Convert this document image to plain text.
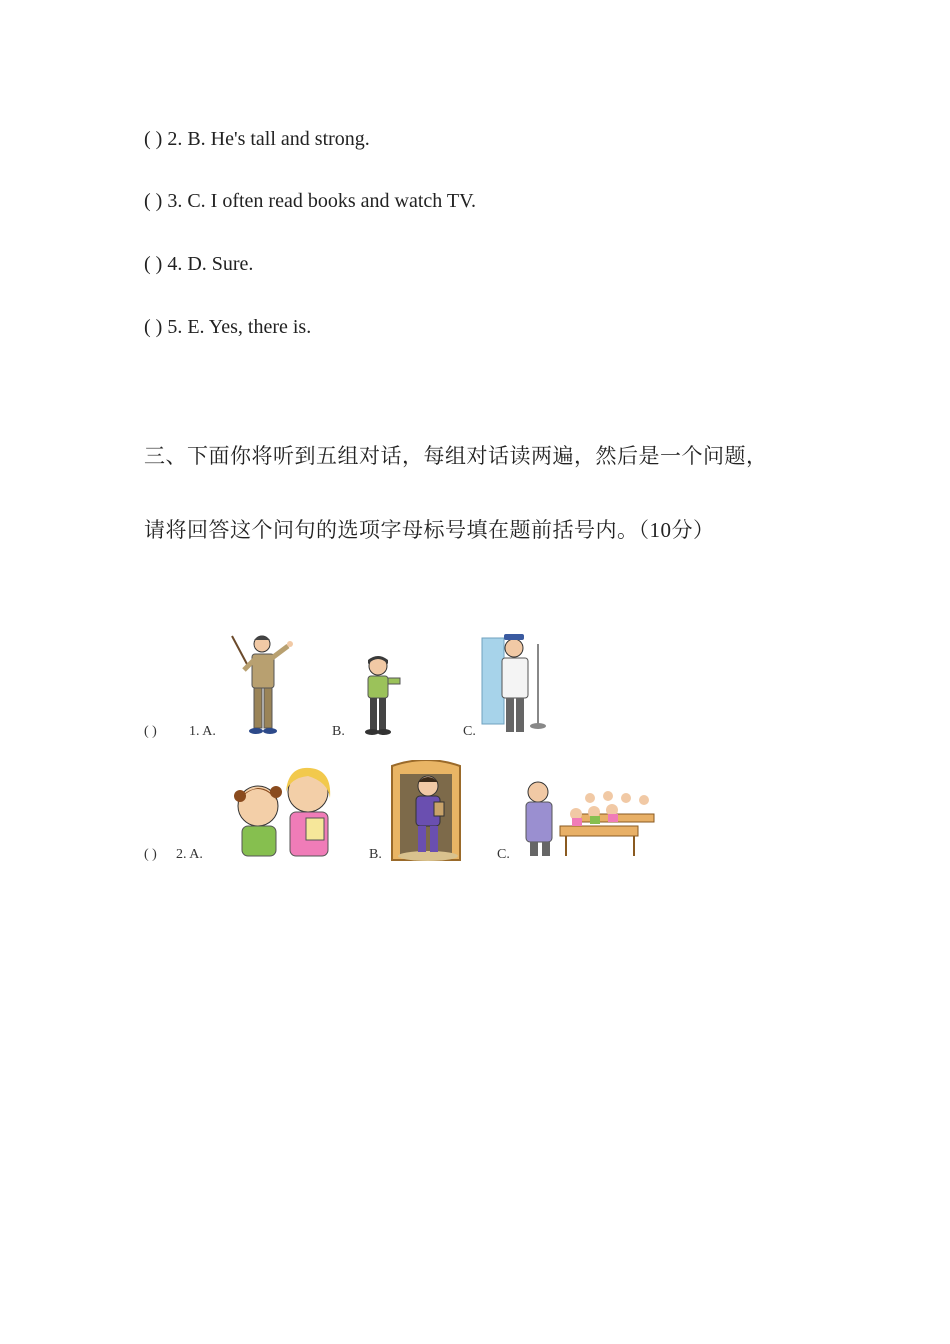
( ) 2. B. He's tall and strong.
( ) 3. C. I often read books and watch TV.
( ) 4. D. Sure.
( ) 5. E. Yes, there is.
三、下面你将听到五组对话，每组对话读两遍，然后是一个问题，
请将回答这个问句的选项字母标号填在题前括号内。（10分）
( ) 1. A.	B.	C.
( ) 2. A.	B.	C.
